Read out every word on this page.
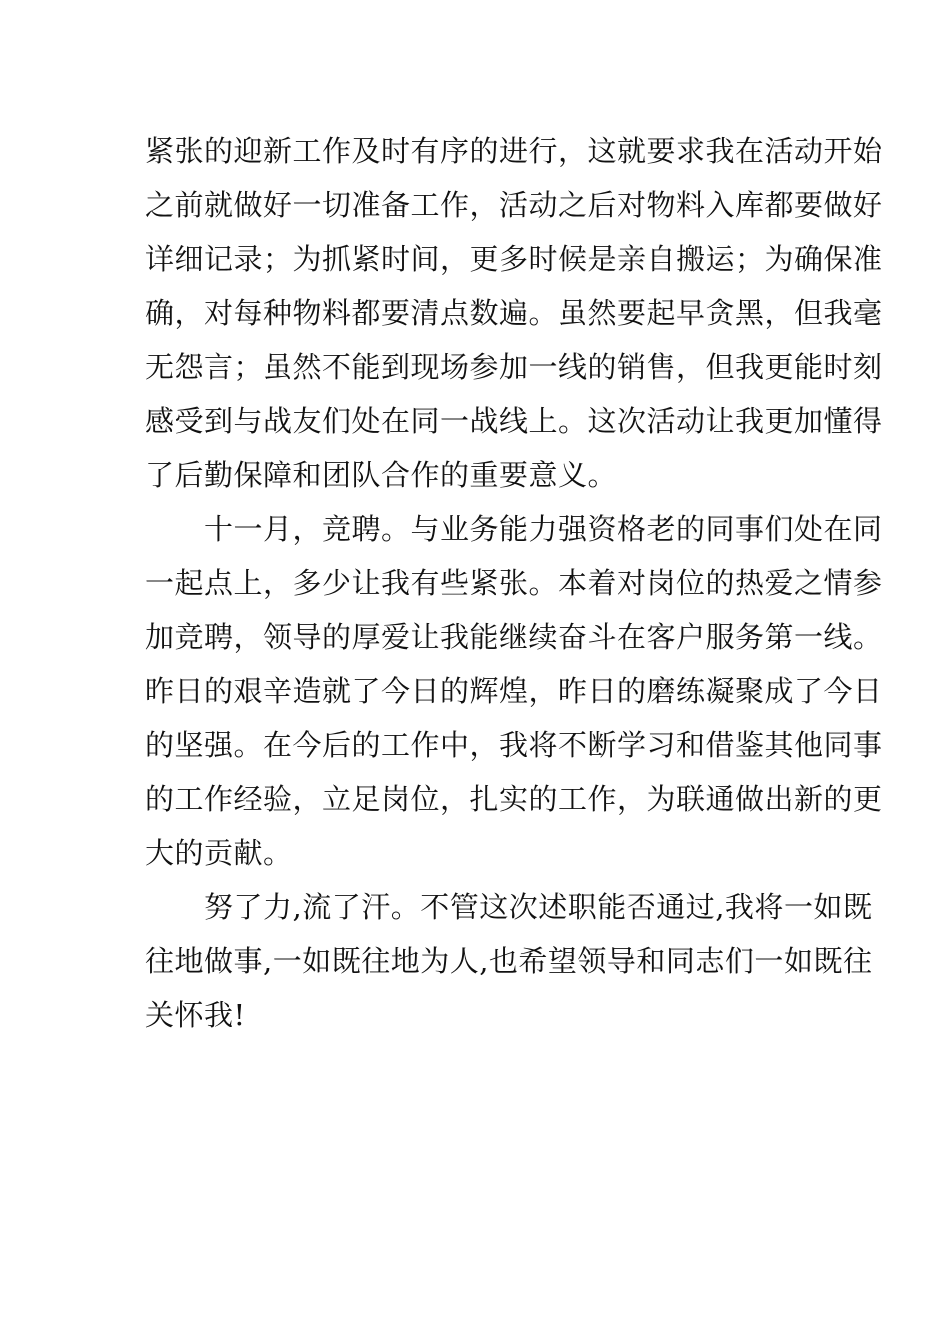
紧张的迎新工作及时有序的进行，这就要求我在活动开始
之前就做好一切准备工作，活动之后对物料入库都要做好
详细记录；为抓紧时间，更多时候是亲自搬运；为确保准
确，对每种物料都要清点数遍。虽然要起早贪黑，但我毫
无怨言；虽然不能到现场参加一线的销售，但我更能时刻
感受到与战友们处在同一战线上。这次活动让我更加懂得
了后勤保障和团队合作的重要意义。
　　十一月，竞聘。与业务能力强资格老的同事们处在同
一起点上，多少让我有些紧张。本着对岗位的热爱之情参
加竞聘，领导的厚爱让我能继续奋斗在客户服务第一线。
昨日的艰辛造就了今日的辉煌，昨日的磨练凝聚成了今日
的坚强。在今后的工作中，我将不断学习和借鉴其他同事
的工作经验，立足岗位，扎实的工作，为联通做出新的更
大的贡献。
　　努了力,流了汗。不管这次述职能否通过,我将一如既
往地做事,一如既往地为人,也希望领导和同志们一如既往
关怀我!
